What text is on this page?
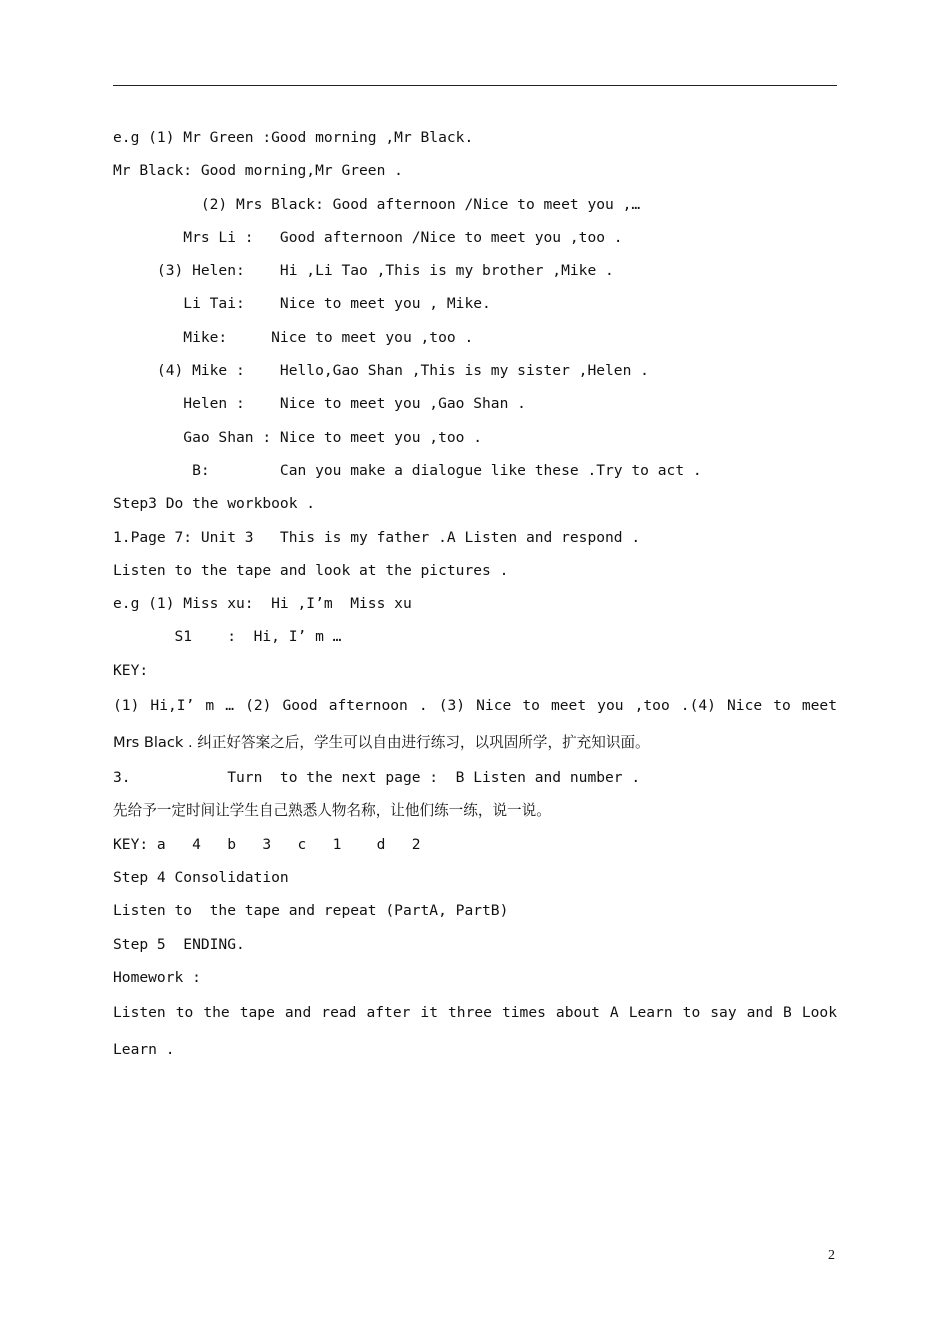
e.g (1) Mr Green :Good morning ,Mr Black.
Mr Black: Good morning,Mr Green .
(2) Mrs Black: Good afternoon /Nice to meet you ,…
Mrs Li :   Good afternoon /Nice to meet you ,too .
(3) Helen:    Hi ,Li Tao ,This is my brother ,Mike .
Li Tai:    Nice to meet you , Mike.
Mike:     Nice to meet you ,too .
(4) Mike :    Hello,Gao Shan ,This is my sister ,Helen .
Helen :    Nice to meet you ,Gao Shan .
Gao Shan : Nice to meet you ,too .
B:        Can you make a dialogue like these .Try to act .
Step3 Do the workbook .
1.Page 7: Unit 3   This is my father .A Listen and respond .
Listen to the tape and look at the pictures .
e.g (1) Miss xu:  Hi ,I’m  Miss xu
S1    :  Hi, I’ m …
KEY:
(1) Hi,I’ m … (2) Good afternoon . (3) Nice to meet you ,too .(4) Nice to meet
Mrs Black . 纠正好答案之后，学生可以自由进行练习，以巩固所学，扩充知识面。
3.           Turn  to the next page :  B Listen and number .
先给予一定时间让学生自己熟悉人物名称，让他们练一练，说一说。
KEY: a   4   b   3   c   1    d   2
Step 4 Consolidation
Listen to  the tape and repeat (PartA, PartB)
Step 5  ENDING.
Homework :
Listen to the tape and read after it three times about A Learn to say and B Look
Learn .
2
